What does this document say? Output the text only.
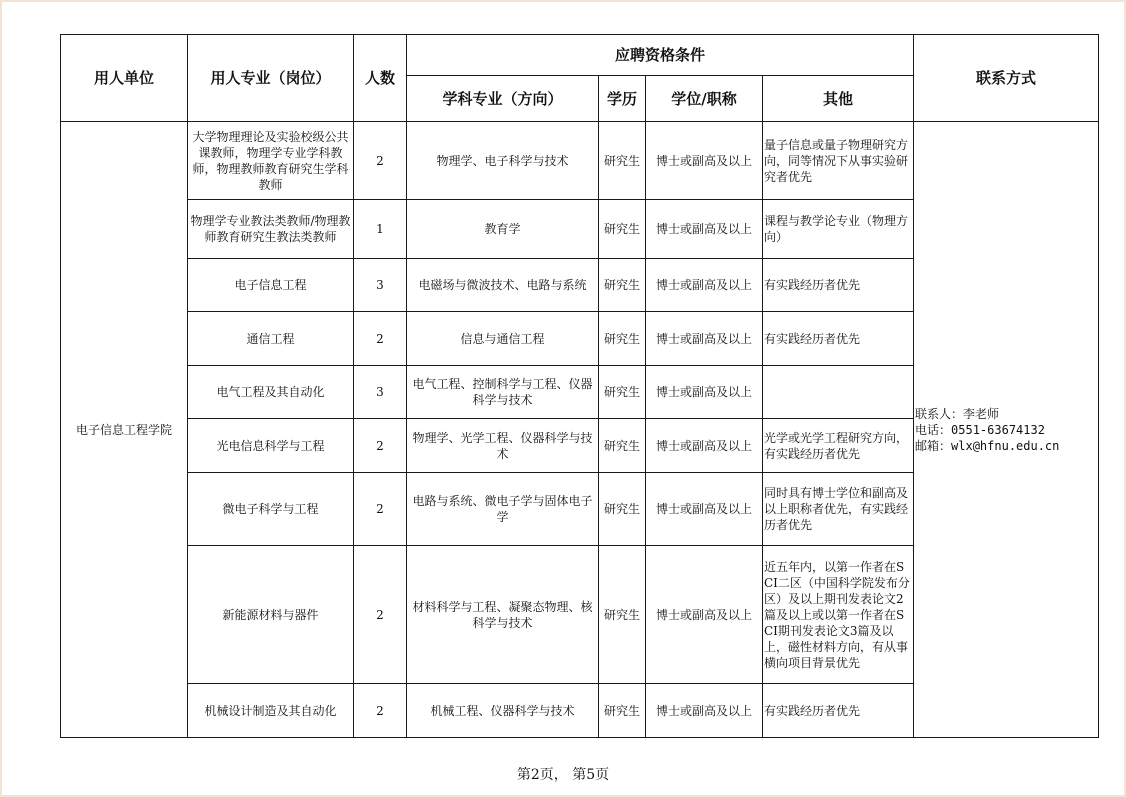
用人单位	用人专业（岗位）	人数	应聘资格条件				联系方式
			学科专业（方向）	学历	学位/职称	其他	
电子信息工程学院	大学物理理论及实验校级公共课教师，物理学专业学科教师，物理教师教育研究生学科教师	2	物理学、电子科学与技术	研究生	博士或副高及以上	量子信息或量子物理研究方向，同等情况下从事实验研究者优先	联系人：李老师
电话：0551-63674132
邮箱：wlx@hfnu.edu.cn

	物理学专业教法类教师/物理教师教育研究生教法类教师	1	教育学	研究生	博士或副高及以上	课程与教学论专业（物理方向）	
	电子信息工程	3	电磁场与微波技术、电路与系统	研究生	博士或副高及以上	有实践经历者优先	
	通信工程	2	信息与通信工程	研究生	博士或副高及以上	有实践经历者优先	
	电气工程及其自动化	3	电气工程、控制科学与工程、仪器科学与技术	研究生	博士或副高及以上		
	光电信息科学与工程	2	物理学、光学工程、仪器科学与技术	研究生	博士或副高及以上	光学或光学工程研究方向，有实践经历者优先	
	微电子科学与工程	2	电路与系统、微电子学与固体电子学	研究生	博士或副高及以上	同时具有博士学位和副高及以上职称者优先，有实践经历者优先	
	新能源材料与器件	2	材料科学与工程、凝聚态物理、核科学与技术	研究生	博士或副高及以上	近五年内，以第一作者在SCI二区（中国科学院发布分区）及以上期刊发表论文2篇及以上或以第一作者在SCI期刊发表论文3篇及以上，磁性材料方向，有从事横向项目背景优先	
	机械设计制造及其自动化	2	机械工程、仪器科学与技术	研究生	博士或副高及以上	有实践经历者优先	
第2页， 第5页
